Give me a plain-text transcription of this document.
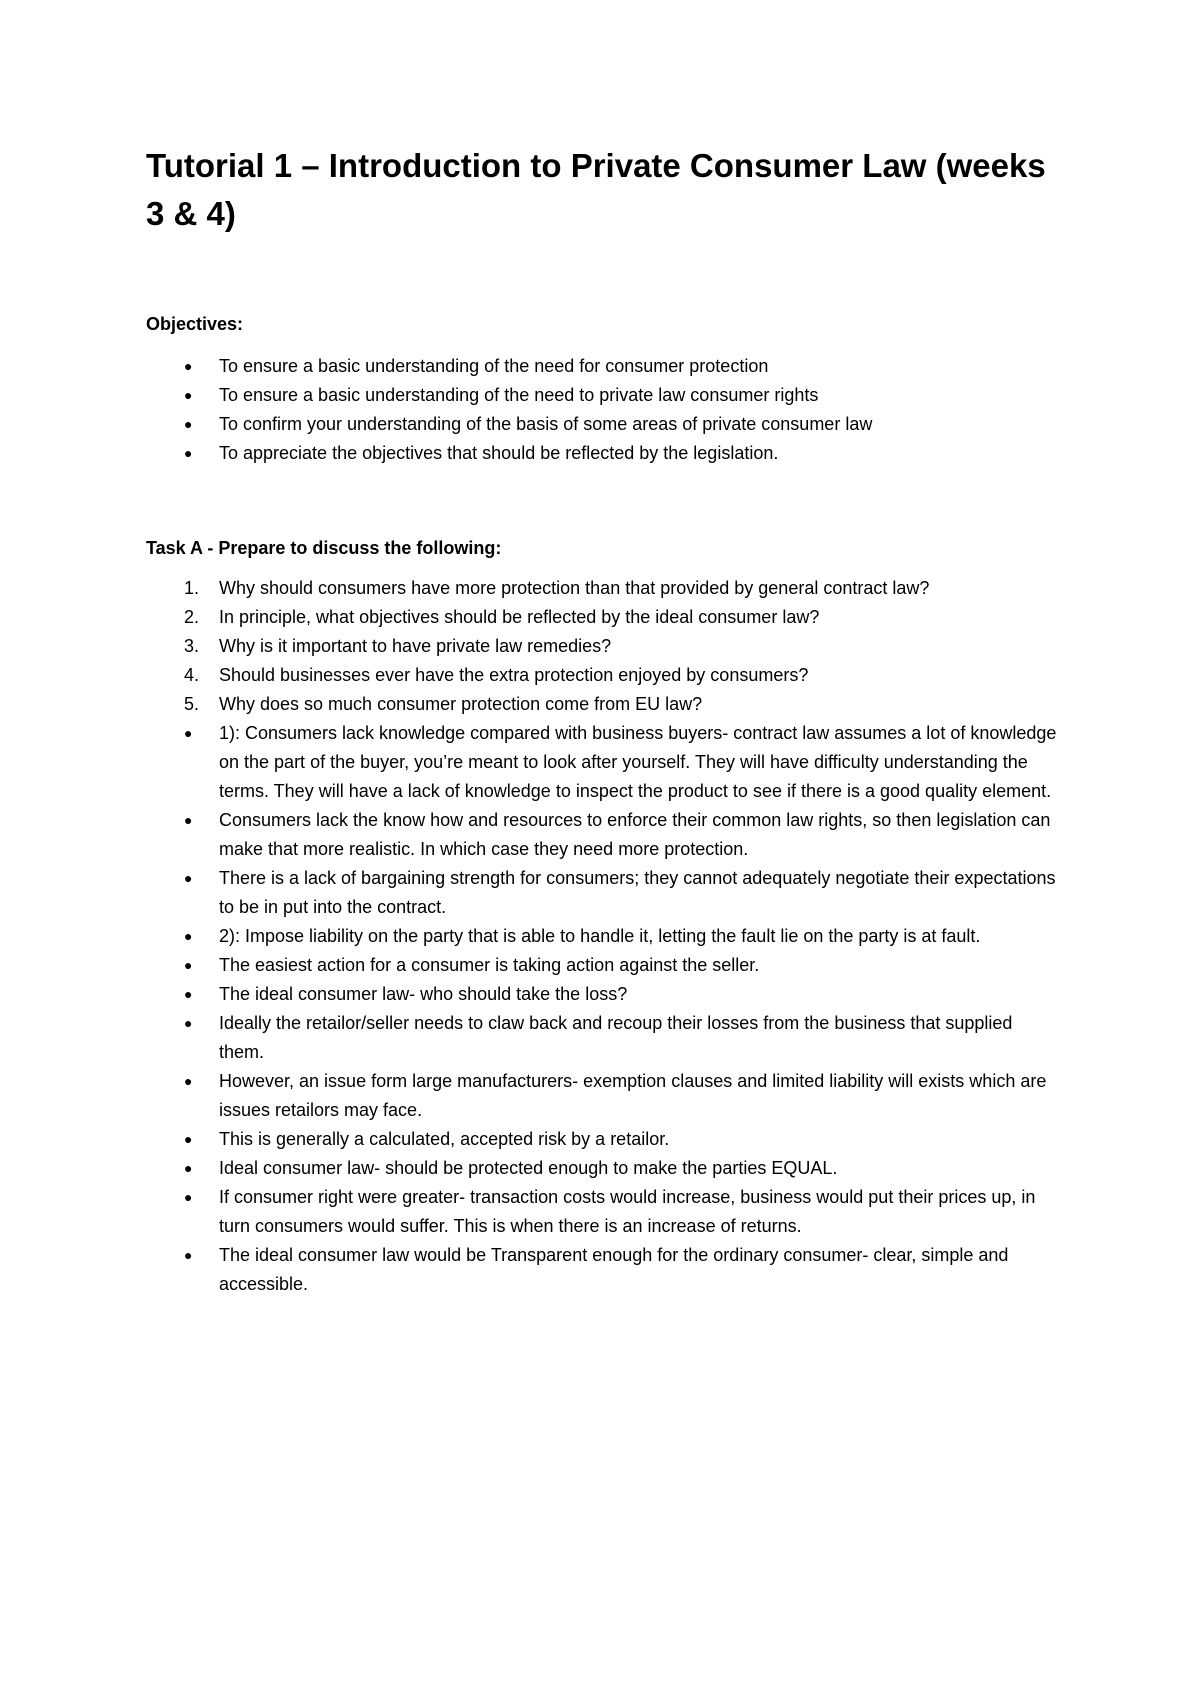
Tutorial 1 – Introduction to Private Consumer Law (weeks 3 & 4)
Objectives:
● To ensure a basic understanding of the need for consumer protection
● To ensure a basic understanding of the need to private law consumer rights
● To confirm your understanding of the basis of some areas of private consumer law
● To appreciate the objectives that should be reflected by the legislation.
Task A - Prepare to discuss the following:
1. Why should consumers have more protection than that provided by general contract law?
2. In principle, what objectives should be reflected by the ideal consumer law?
3. Why is it important to have private law remedies?
4. Should businesses ever have the extra protection enjoyed by consumers?
5. Why does so much consumer protection come from EU law?
● 1): Consumers lack knowledge compared with business buyers- contract law assumes a lot of knowledge on the part of the buyer, you’re meant to look after yourself. They will have difficulty understanding the terms. They will have a lack of knowledge to inspect the product to see if there is a good quality element.
● Consumers lack the know how and resources to enforce their common law rights, so then legislation can make that more realistic. In which case they need more protection.
● There is a lack of bargaining strength for consumers; they cannot adequately negotiate their expectations to be in put into the contract.
● 2): Impose liability on the party that is able to handle it, letting the fault lie on the party is at fault.
● The easiest action for a consumer is taking action against the seller.
● The ideal consumer law- who should take the loss?
● Ideally the retailor/seller needs to claw back and recoup their losses from the business that supplied them.
● However, an issue form large manufacturers- exemption clauses and limited liability will exists which are issues retailors may face.
● This is generally a calculated, accepted risk by a retailor.
● Ideal consumer law- should be protected enough to make the parties EQUAL.
● If consumer right were greater- transaction costs would increase, business would put their prices up, in turn consumers would suffer. This is when there is an increase of returns.
● The ideal consumer law would be Transparent enough for the ordinary consumer- clear, simple and accessible.
